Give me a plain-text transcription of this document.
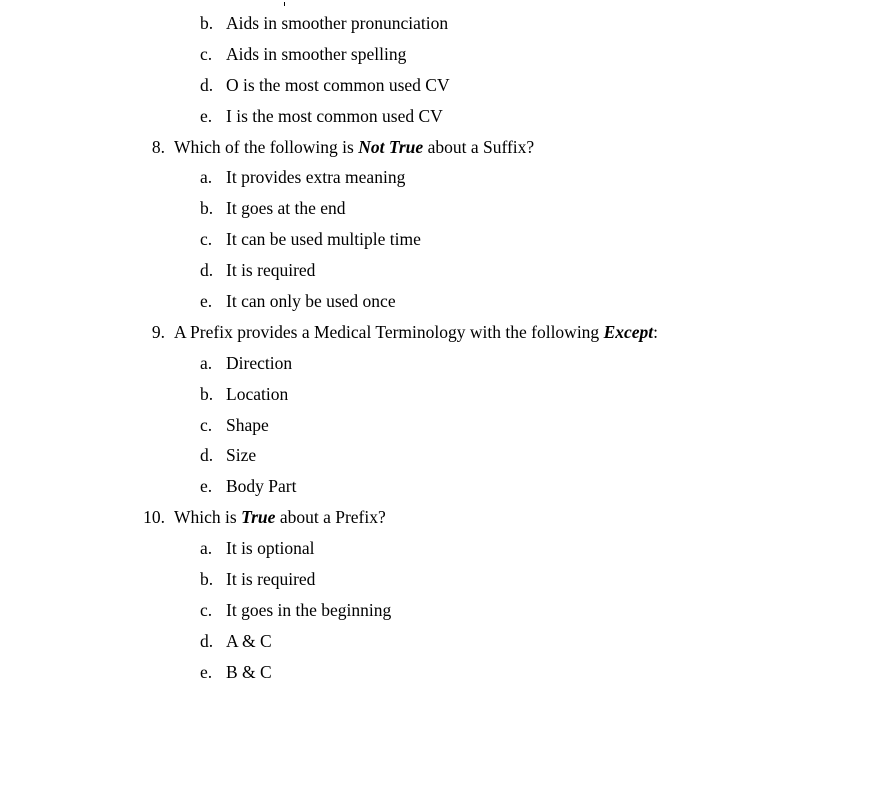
b. Aids in smoother pronunciation
c. Aids in smoother spelling
d. O is the most common used CV
e. I is the most common used CV
8. Which of the following is Not True about a Suffix?
a. It provides extra meaning
b. It goes at the end
c. It can be used multiple time
d. It is required
e. It can only be used once
9. A Prefix provides a Medical Terminology with the following Except:
a. Direction
b. Location
c. Shape
d. Size
e. Body Part
10. Which is True about a Prefix?
a. It is optional
b. It is required
c. It goes in the beginning
d. A & C
e. B & C
